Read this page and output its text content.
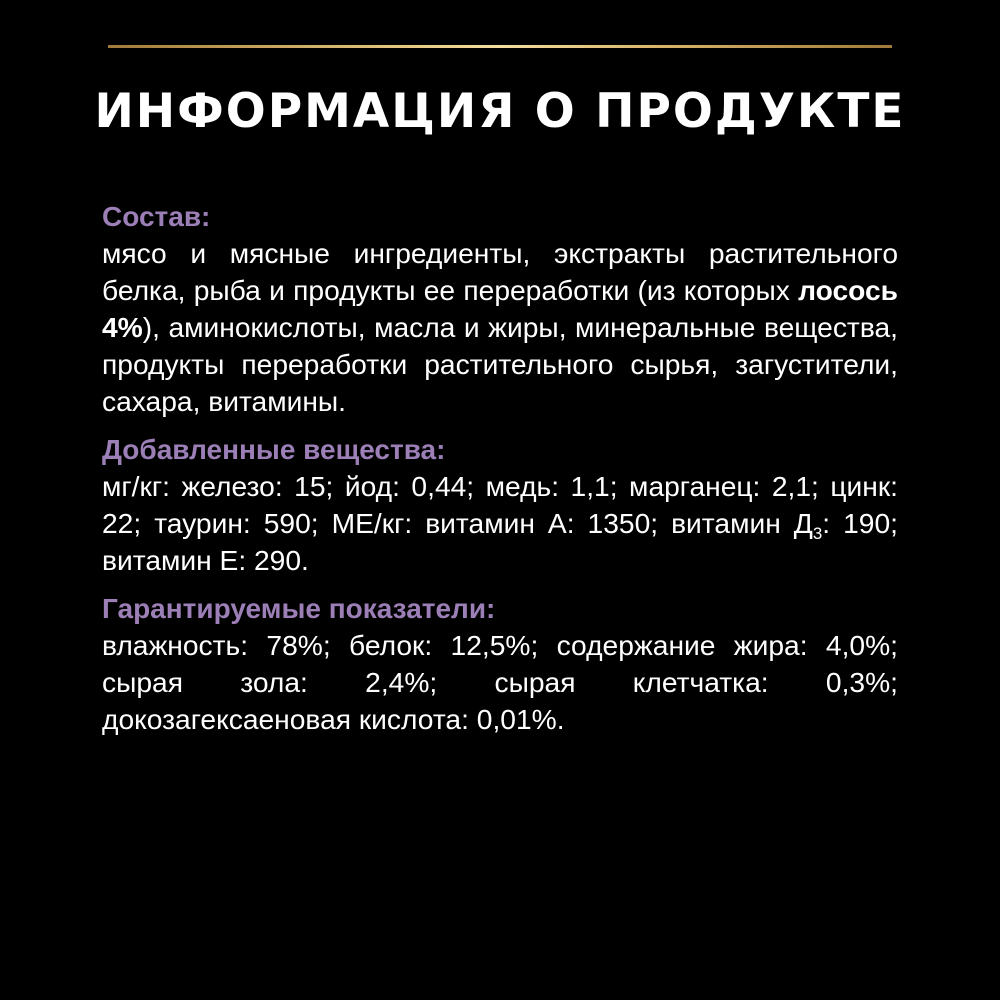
ИНФОРМАЦИЯ О ПРОДУКТЕ
Состав:
мясо и мясные ингредиенты, экстракты растительного белка, рыба и продукты ее переработки (из которых лосось 4%), аминокислоты, масла и жиры, минеральные вещества, продукты переработки растительного сырья, загустители, сахара, витамины.
Добавленные вещества:
мг/кг: железо: 15; йод: 0,44; медь: 1,1; марганец: 2,1; цинк: 22; таурин: 590; МЕ/кг: витамин А: 1350; витамин $Д_3$: 190; витамин Е: 290.
Гарантируемые показатели:
влажность: 78%; белок: 12,5%; содержание жира: 4,0%; сырая зола: 2,4%; сырая клетчатка: 0,3%; докозагексаеновая кислота: 0,01%.
